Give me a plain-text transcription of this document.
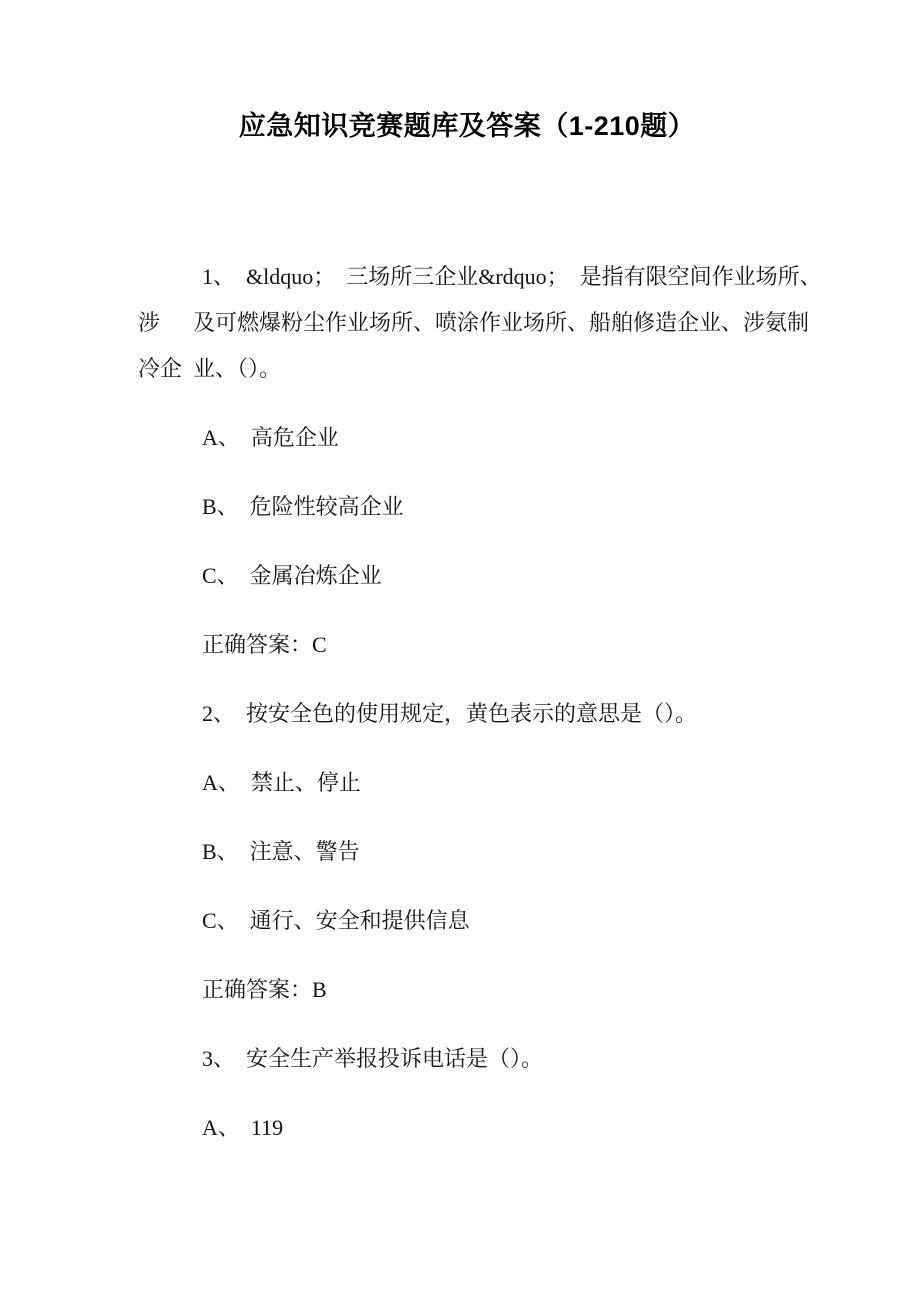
应急知识竞赛题库及答案（1-210题）
1、 &ldquo； 三场所三企业&rdquo； 是指有限空间作业场所、
涉　 及可燃爆粉尘作业场所、喷涂作业场所、船舶修造企业、涉氨制
冷企 业、（）。
A、 高危企业
B、 危险性较高企业
C、 金属冶炼企业
正确答案：C
2、 按安全色的使用规定，黄色表示的意思是（）。
A、 禁止、停止
B、 注意、警告
C、 通行、安全和提供信息
正确答案：B
3、 安全生产举报投诉电话是（）。
A、 119
